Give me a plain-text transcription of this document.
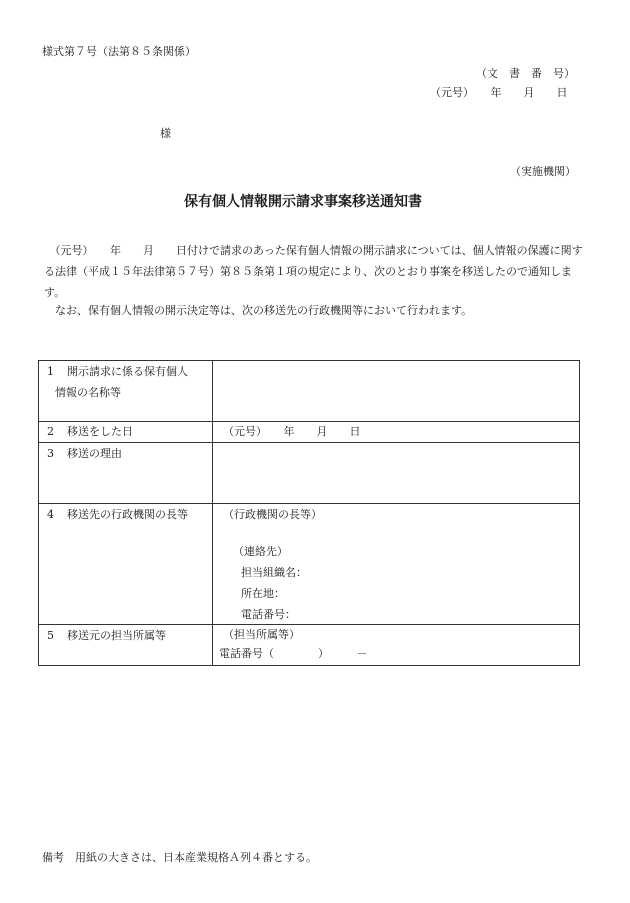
様式第７号（法第８５条関係）
（文　書　番　号）
（元号）　　年　　月　　日
様
（実施機関）
保有個人情報開示請求事案移送通知書
　（元号）　　年　　月　　日付けで請求のあった保有個人情報の開示請求については、個人情報の保護に関する法律（平成１５年法律第５７号）第８５条第１項の規定により、次のとおり事案を移送したので通知します。
　なお、保有個人情報の開示決定等は、次の移送先の行政機関等において行われます。
1 開示請求に係る保有個人
情報の名称等	

2 移送をした日	（元号）　　年　　月　　日

3 移送の理由	

4 移送先の行政機関の長等	（行政機関の長等）
（連絡先）
担当組織名：
所在地：
電話番号：

5 移送元の担当所属等	（担当所属等）
電話番号（　　　　）　　　－
備考　用紙の大きさは、日本産業規格Ａ列４番とする。
